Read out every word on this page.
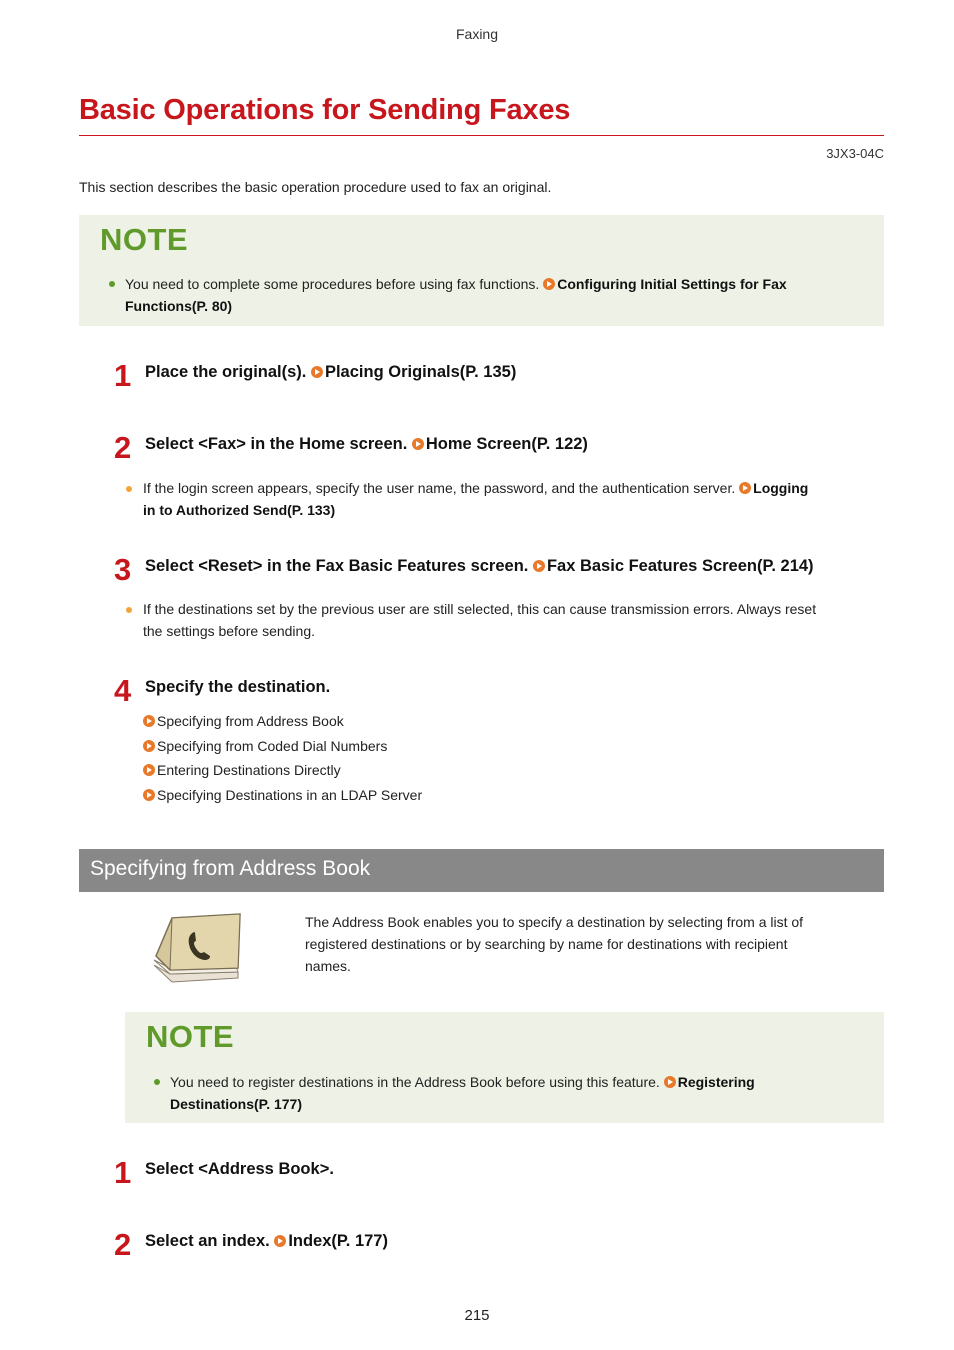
Faxing
Basic Operations for Sending Faxes
3JX3-04C
This section describes the basic operation procedure used to fax an original.
NOTE
You need to complete some procedures before using fax functions. Configuring Initial Settings for Fax
Functions(P. 80)
1 Place the original(s). Placing Originals(P. 135)
2 Select <Fax> in the Home screen. Home Screen(P. 122)
If the login screen appears, specify the user name, the password, and the authentication server. Logging
in to Authorized Send(P. 133)
3 Select <Reset> in the Fax Basic Features screen. Fax Basic Features Screen(P. 214)
If the destinations set by the previous user are still selected, this can cause transmission errors. Always reset
the settings before sending.
4 Specify the destination.
Specifying from Address Book
Specifying from Coded Dial Numbers
Entering Destinations Directly
Specifying Destinations in an LDAP Server
Specifying from Address Book
The Address Book enables you to specify a destination by selecting from a list of
registered destinations or by searching by name for destinations with recipient
names.
NOTE
You need to register destinations in the Address Book before using this feature. Registering
Destinations(P. 177)
1 Select <Address Book>.
2 Select an index. Index(P. 177)
215
